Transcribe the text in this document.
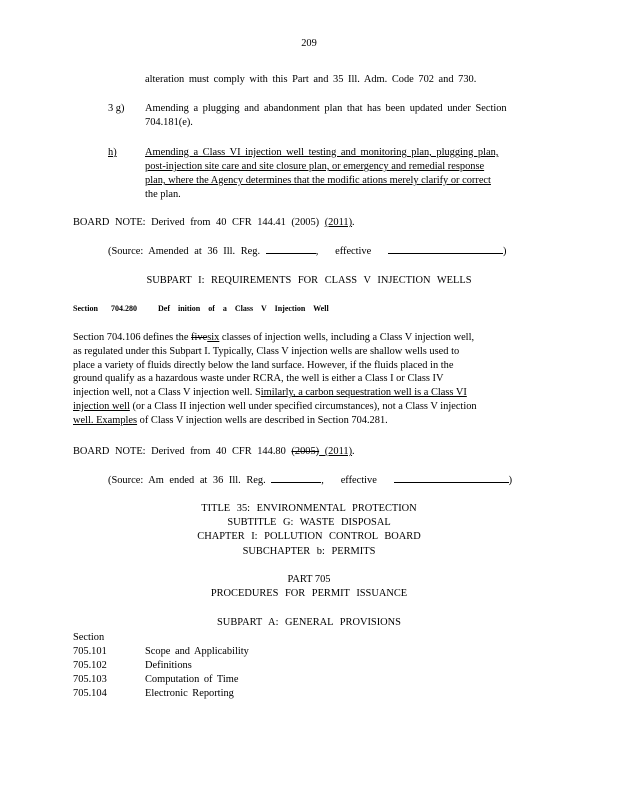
209
alteration must comply with this Part and 35 Ill. Adm. Code 702 and 730.
3 g) Amending a plugging and abandonment plan that has been updated under Section
704.181(e).
h)	Amending a Class VI injection well testing and monitoring plan, plugging plan,
post-injection site care and site closure plan, or emergency and remedial response
plan, where the Agency determines that the modific ations merely clarify or correct
the plan.
BOARD NOTE: Derived from 40 CFR 144.41 (2005) (2011).
(Source: Amended at 36 Ill. Reg.	, effective	)
SUBPART I: REQUIREMENTS FOR CLASS V INJECTION WELLS
Section 704.280	Def inition of a Class V Injection Well
Section 704.106 defines the fivesix classes of injection wells, including a Class V injection well,
as regulated under this Subpart I. Typically, Class V injection wells are shallow wells used to
place a variety of fluids directly below the land surface. However, if the fluids placed in the
ground qualify as a hazardous waste under RCRA, the well is either a Class I or Class IV
injection well, not a Class V injection well. Similarly, a carbon sequestration well is a Class VI
injection well (or a Class II injection well under specified circumstances), not a Class V injection
well. Examples of Class V injection wells are described in Section 704.281.
BOARD NOTE: Derived from 40 CFR 144.80 (2005) (2011).
(Source: Am ended at 36 Ill. Reg.	, effective	)
TITLE 35: ENVIRONMENTAL PROTECTION
SUBTITLE G: WASTE DISPOSAL
CHAPTER I: POLLUTION CONTROL BOARD
SUBCHAPTER b: PERMITS
PART 705
PROCEDURES FOR PERMIT ISSUANCE
SUBPART A: GENERAL PROVISIONS
Section
705.101	Scope and Applicability
705.102	Definitions
705.103	Computation of Time
705.104	Electronic Reporting
